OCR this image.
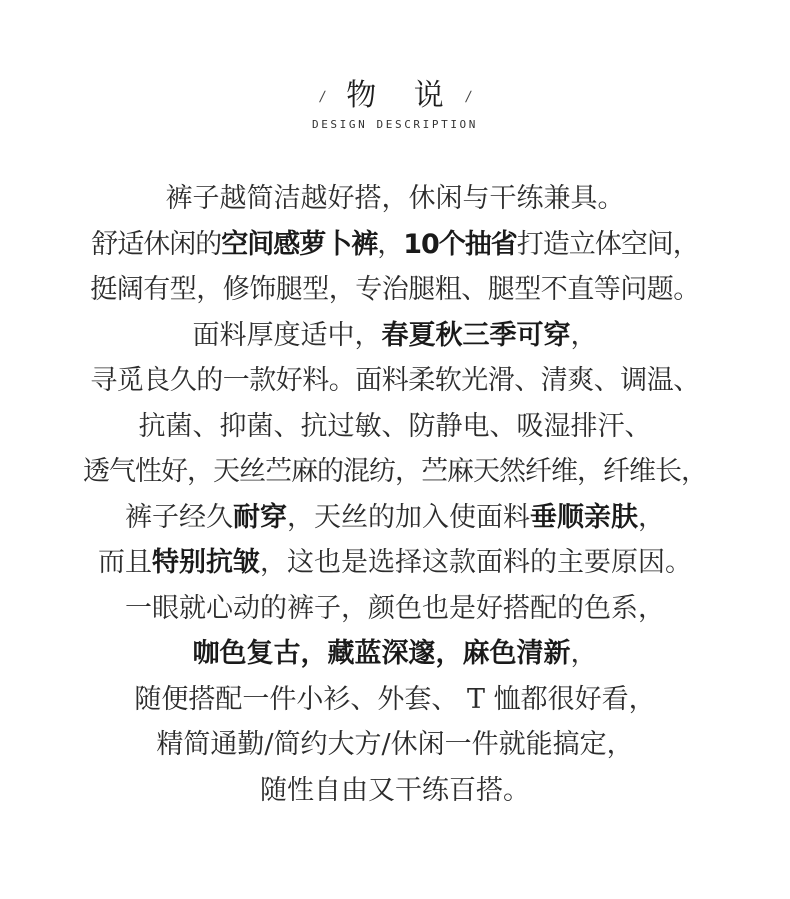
/ 物 说 /
DESIGN DESCRIPTION
裤子越简洁越好搭，休闲与干练兼具。
舒适休闲的空间感萝卜裤，10个抽省打造立体空间，
挺阔有型，修饰腿型，专治腿粗、腿型不直等问题。
面料厚度适中，春夏秋三季可穿，
寻觅良久的一款好料。面料柔软光滑、清爽、调温、
抗菌、抑菌、抗过敏、防静电、吸湿排汗、
透气性好，天丝苎麻的混纺，苎麻天然纤维，纤维长，
裤子经久耐穿，天丝的加入使面料垂顺亲肤，
而且特别抗皱，这也是选择这款面料的主要原因。
一眼就心动的裤子，颜色也是好搭配的色系，
咖色复古，藏蓝深邃，麻色清新，
随便搭配一件小衫、外套、 T 恤都很好看，
精简通勤/简约大方/休闲一件就能搞定，
随性自由又干练百搭。
